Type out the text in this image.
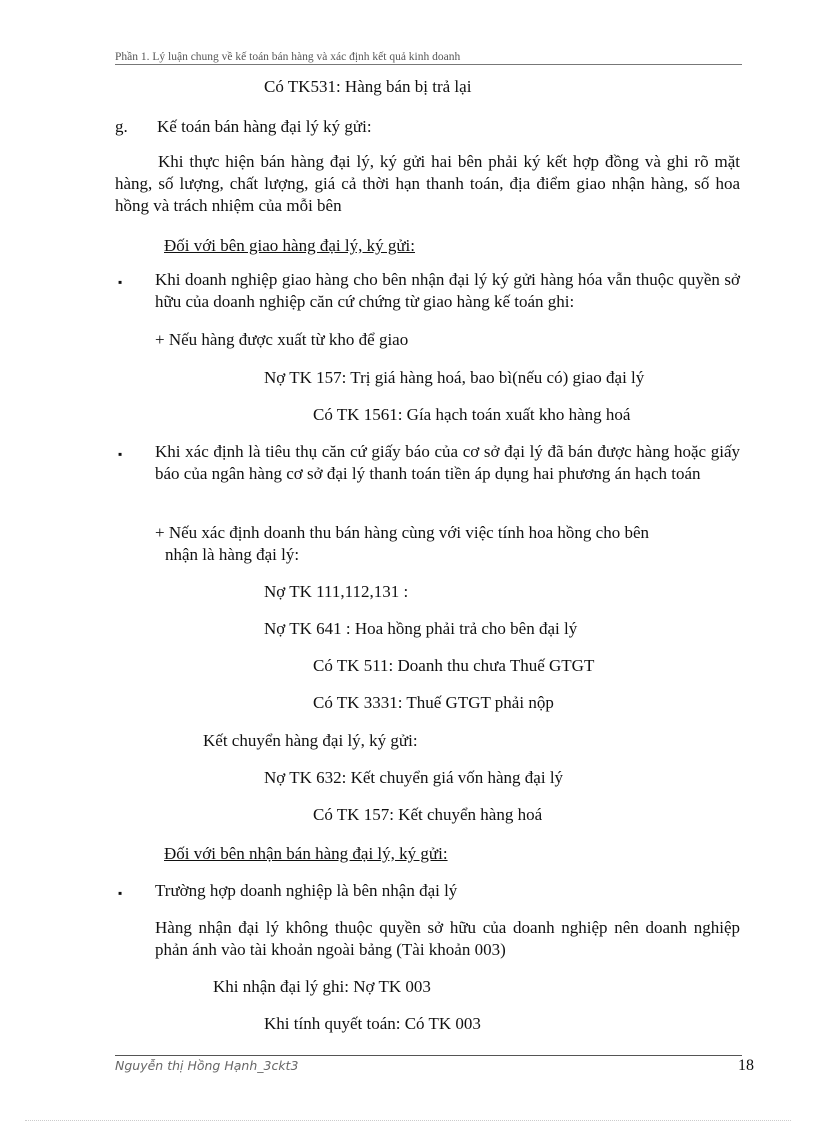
Phần 1. Lý luận chung về kế toán bán hàng và xác định kết quả kinh doanh
Có TK531: Hàng bán bị trả lại
g. Kế toán bán hàng đại lý ký gửi:
Khi thực hiện bán hàng đại lý, ký gửi hai bên phải ký kết hợp đồng và ghi rõ mặt hàng, số lượng, chất lượng, giá cả thời hạn thanh toán, địa điểm giao nhận hàng, số hoa hồng và trách nhiệm của mỗi bên
Đối với bên giao hàng đại lý, ký gửi:
▪ Khi doanh nghiệp giao hàng cho bên nhận đại lý ký gửi hàng hóa vẫn thuộc quyền sở hữu của doanh nghiệp căn cứ chứng từ giao hàng kế toán ghi:
+ Nếu hàng được xuất từ kho để giao
Nợ TK 157: Trị giá hàng hoá, bao bì(nếu có) giao đại lý
Có TK 1561: Gía hạch toán xuất kho hàng hoá
▪ Khi xác định là tiêu thụ căn cứ giấy báo của cơ sở đại lý đã bán được hàng hoặc giấy báo của ngân hàng cơ sở đại lý thanh toán tiền áp dụng hai phương án hạch toán
+ Nếu xác định doanh thu bán hàng cùng với việc tính hoa hồng cho bên
nhận là hàng đại lý:
Nợ TK 111,112,131 :
Nợ TK 641 : Hoa hồng phải trả cho bên đại lý
Có TK 511: Doanh thu chưa Thuế GTGT
Có TK 3331: Thuế GTGT phải nộp
Kết chuyển hàng đại lý, ký gửi:
Nợ TK 632: Kết chuyển giá vốn hàng đại lý
Có TK 157: Kết chuyển hàng hoá
Đối với bên nhận bán hàng đại lý, ký gửi:
▪ Trường hợp doanh nghiệp là bên nhận đại lý
Hàng nhận đại lý không thuộc quyền sở hữu của doanh nghiệp nên doanh nghiệp phản ánh vào tài khoản ngoài bảng (Tài khoản 003)
Khi nhận đại lý ghi: Nợ TK 003
Khi tính quyết toán: Có TK 003
Nguyễn thị Hồng Hạnh_3ckt3	18
